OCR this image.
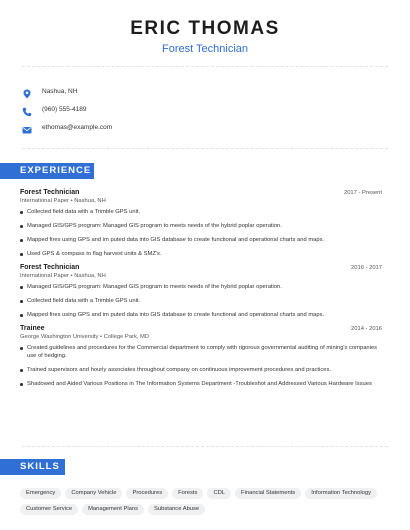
ERIC THOMAS
Forest Technician
Nashua, NH
(960) 555-4189
ethomas@example.com
EXPERIENCE
Forest Technician	2017 - Present
International Paper • Nashua, NH
Collected field data with a Trimble GPS unit.
Managed GIS/GPS program: Managed GIS program to meets needs of the hybrid poplar operation.
Mapped fires using GPS and im puted data into GIS database to create functional and operational charts and maps.
Used GPS & compass to flag harvest units & SMZ's.
Forest Technician	2016 - 2017
International Paper • Nashua, NH
Managed GIS/GPS program: Managed GIS program to meets needs of the hybrid poplar operation.
Collected field data with a Trimble GPS unit.
Mapped fires using GPS and im puted data into GIS database to create functional and operational charts and maps.
Trainee	2014 - 2016
George Washington University • College Park, MD
Created guidelines and procedures for the Commercial department to comply with rigorous governmental auditing of mining's companies use of hedging.
Trained supervisors and hourly associates throughout company on continuous improvement procedures and practices.
Shadowed and Aided Various Positions in The Information Systems Department -Troubleshot and Addressed Various Hardware Issues
SKILLS
Emergency	Company Vehicle	Procedures	Forests	CDL	Financial Statements	Information Technology
Customer Service	Management Plans	Substance Abuse
